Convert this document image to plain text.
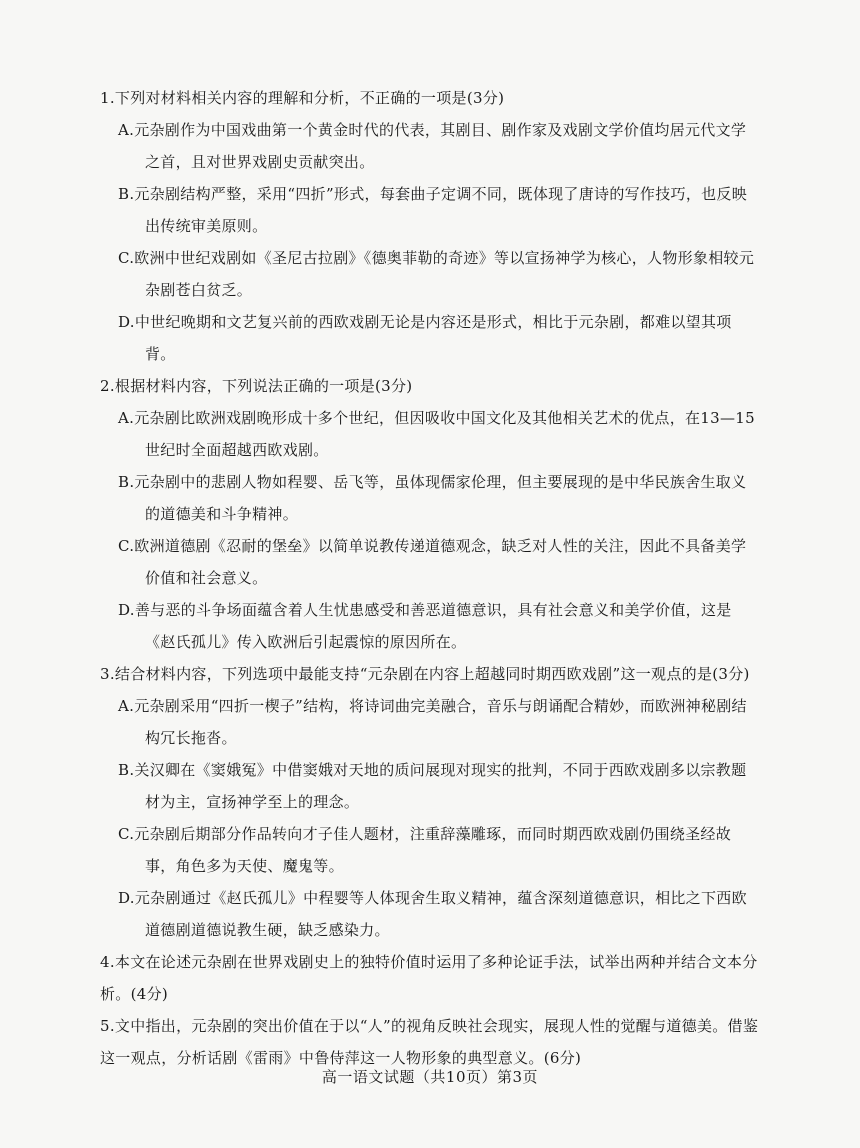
1.下列对材料相关内容的理解和分析，不正确的一项是(3分)
A.元杂剧作为中国戏曲第一个黄金时代的代表，其剧目、剧作家及戏剧文学价值均居元代文学之首，且对世界戏剧史贡献突出。
B.元杂剧结构严整，采用“四折”形式，每套曲子定调不同，既体现了唐诗的写作技巧，也反映出传统审美原则。
C.欧洲中世纪戏剧如《圣尼古拉剧》《德奥菲勒的奇迹》等以宣扬神学为核心，人物形象相较元杂剧苍白贫乏。
D.中世纪晚期和文艺复兴前的西欧戏剧无论是内容还是形式，相比于元杂剧，都难以望其项背。
2.根据材料内容，下列说法正确的一项是(3分)
A.元杂剧比欧洲戏剧晚形成十多个世纪，但因吸收中国文化及其他相关艺术的优点，在13—15世纪时全面超越西欧戏剧。
B.元杂剧中的悲剧人物如程婴、岳飞等，虽体现儒家伦理，但主要展现的是中华民族舍生取义的道德美和斗争精神。
C.欧洲道德剧《忍耐的堡垒》以简单说教传递道德观念，缺乏对人性的关注，因此不具备美学价值和社会意义。
D.善与恶的斗争场面蕴含着人生忧患感受和善恶道德意识，具有社会意义和美学价值，这是《赵氏孤儿》传入欧洲后引起震惊的原因所在。
3.结合材料内容，下列选项中最能支持“元杂剧在内容上超越同时期西欧戏剧”这一观点的是(3分)
A.元杂剧采用“四折一楔子”结构，将诗词曲完美融合，音乐与朗诵配合精妙，而欧洲神秘剧结构冗长拖沓。
B.关汉卿在《窦娥冤》中借窦娥对天地的质问展现对现实的批判，不同于西欧戏剧多以宗教题材为主，宣扬神学至上的理念。
C.元杂剧后期部分作品转向才子佳人题材，注重辞藻雕琢，而同时期西欧戏剧仍围绕圣经故事，角色多为天使、魔鬼等。
D.元杂剧通过《赵氏孤儿》中程婴等人体现舍生取义精神，蕴含深刻道德意识，相比之下西欧道德剧道德说教生硬，缺乏感染力。
4.本文在论述元杂剧在世界戏剧史上的独特价值时运用了多种论证手法，试举出两种并结合文本分析。(4分)
5.文中指出，元杂剧的突出价值在于以“人”的视角反映社会现实，展现人性的觉醒与道德美。借鉴这一观点，分析话剧《雷雨》中鲁侍萍这一人物形象的典型意义。(6分)
高一语文试题（共10页）第3页
